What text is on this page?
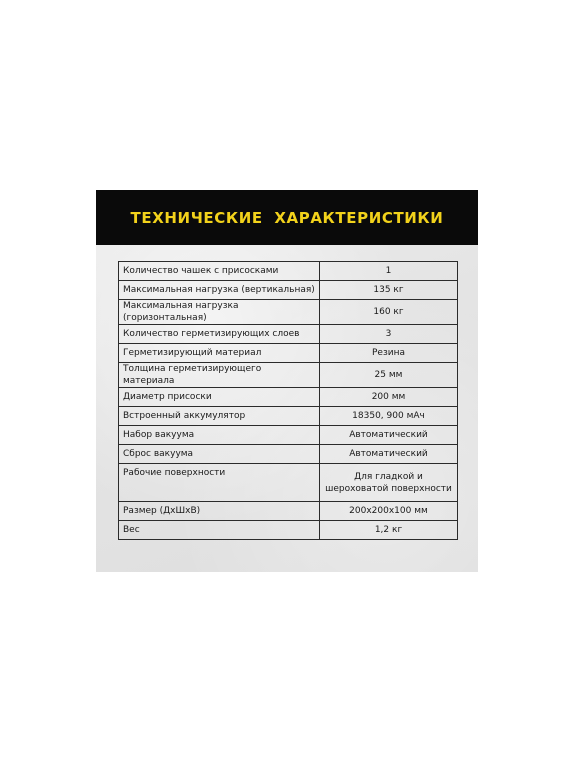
ТЕХНИЧЕСКИЕ  ХАРАКТЕРИСТИКИ
Количество чашек с присосками	1
Максимальная нагрузка (вертикальная)	135 кг
Максимальная нагрузка (горизонтальная)	160 кг
Количество герметизирующих слоев	3
Герметизирующий материал	Резина
Толщина герметизирующего материала	25 мм
Диаметр присоски	200 мм
Встроенный аккумулятор	18350, 900 мАч
Набор вакуума	Автоматический
Сброс вакуума	Автоматический
Рабочие поверхности	Для гладкой и шероховатой поверхности
Размер (ДхШхВ)	200x200x100 мм
Вес	1,2 кг
